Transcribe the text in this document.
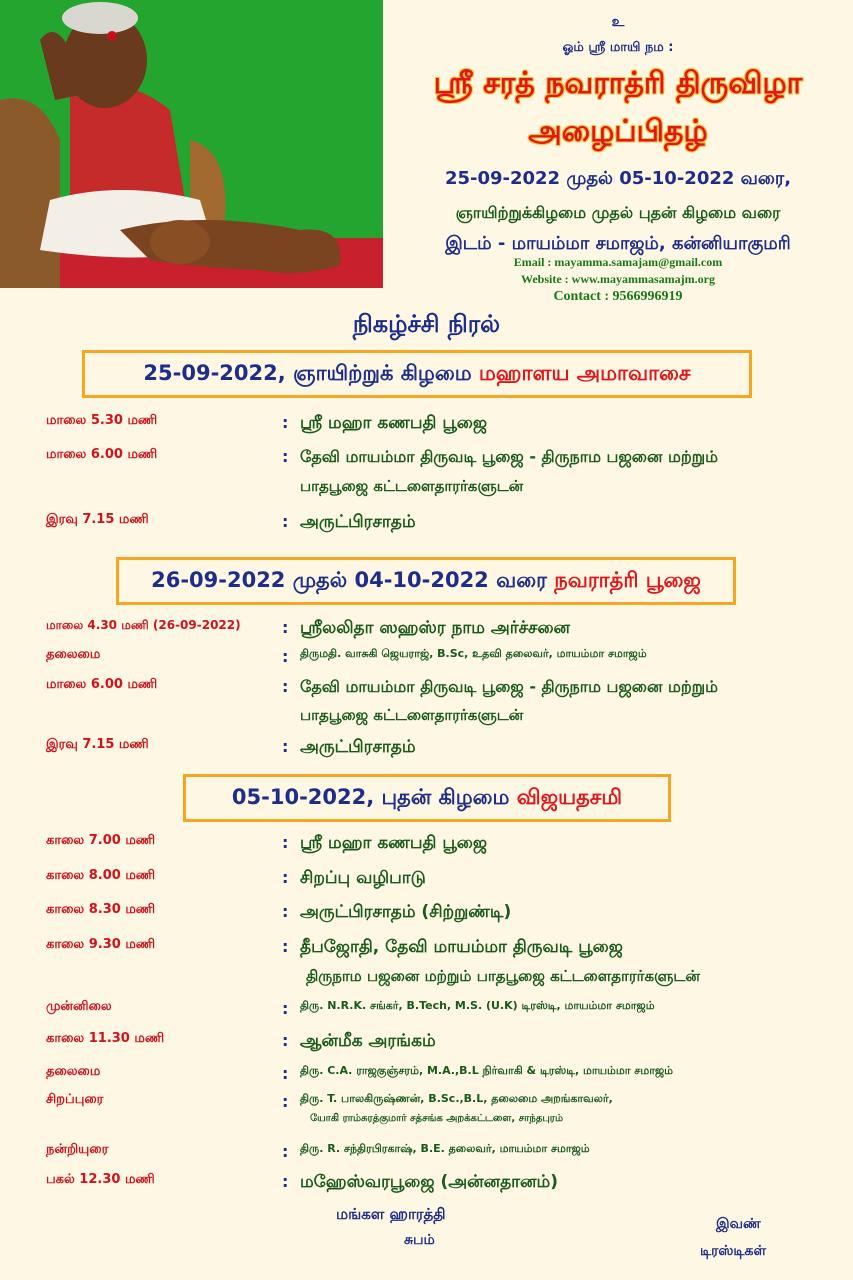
உ
ஓம் ஸ்ரீ மாயி நம :
ஸ்ரீ சரத் நவராத்ரி திருவிழா
அழைப்பிதழ்
25-09-2022 முதல் 05-10-2022 வரை,
ஞாயிற்றுக்கிழமை முதல் புதன் கிழமை வரை
இடம் - மாயம்மா சமாஜம், கன்னியாகுமரி
Email : mayamma.samajam@gmail.com
Website : www.mayammasamajm.org
Contact : 9566996919
நிகழ்ச்சி நிரல்
25-09-2022, ஞாயிற்றுக் கிழமை மஹாளய அமாவாசை
மாலை 5.30 மணி	: ஸ்ரீ மஹா கணபதி பூஜை
மாலை 6.00 மணி	: தேவி மாயம்மா திருவடி பூஜை - திருநாம பஜனை மற்றும்
பாதபூஜை கட்டளைதாரர்களுடன்
இரவு 7.15 மணி	: அருட்பிரசாதம்
26-09-2022 முதல் 04-10-2022 வரை நவராத்ரி பூஜை
மாலை 4.30 மணி (26-09-2022)	: ஸ்ரீலலிதா ஸஹஸ்ர நாம அர்ச்சனை
தலைமை	: திருமதி. வாசுகி ஜெயராஜ், B.Sc, உதவி தலைவர், மாயம்மா சமாஜம்
மாலை 6.00 மணி	: தேவி மாயம்மா திருவடி பூஜை - திருநாம பஜனை மற்றும்
பாதபூஜை கட்டளைதாரர்களுடன்
இரவு 7.15 மணி	: அருட்பிரசாதம்
05-10-2022, புதன் கிழமை விஜயதசமி
காலை 7.00 மணி	: ஸ்ரீ மஹா கணபதி பூஜை
காலை 8.00 மணி	: சிறப்பு வழிபாடு
காலை 8.30 மணி	: அருட்பிரசாதம் (சிற்றுண்டி)
காலை 9.30 மணி	: தீபஜோதி, தேவி மாயம்மா திருவடி பூஜை
திருநாம பஜனை மற்றும் பாதபூஜை கட்டளைதாரர்களுடன்
முன்னிலை	: திரு. N.R.K. சங்கர், B.Tech, M.S. (U.K) டிரஸ்டி, மாயம்மா சமாஜம்
காலை 11.30 மணி	: ஆன்மீக அரங்கம்
தலைமை	: திரு. C.A. ராஜகுஞ்சரம், M.A.,B.L நிர்வாகி & டிரஸ்டி, மாயம்மா சமாஜம்
சிறப்புரை	: திரு. T. பாலகிருஷ்ணன், B.Sc.,B.L, தலைமை அறங்காவலர்,
யோகி ராம்சுரத்குமார் சத்சங்க அறக்கட்டளை, சாந்தபுரம்
நன்றியுரை	: திரு. R. சந்திரபிரகாஷ், B.E. தலைவர், மாயம்மா சமாஜம்
பகல் 12.30 மணி	: மஹேஸ்வரபூஜை (அன்னதானம்)
மங்கள ஹாரத்தி
சுபம்
இவண்
டிரஸ்டிகள்
